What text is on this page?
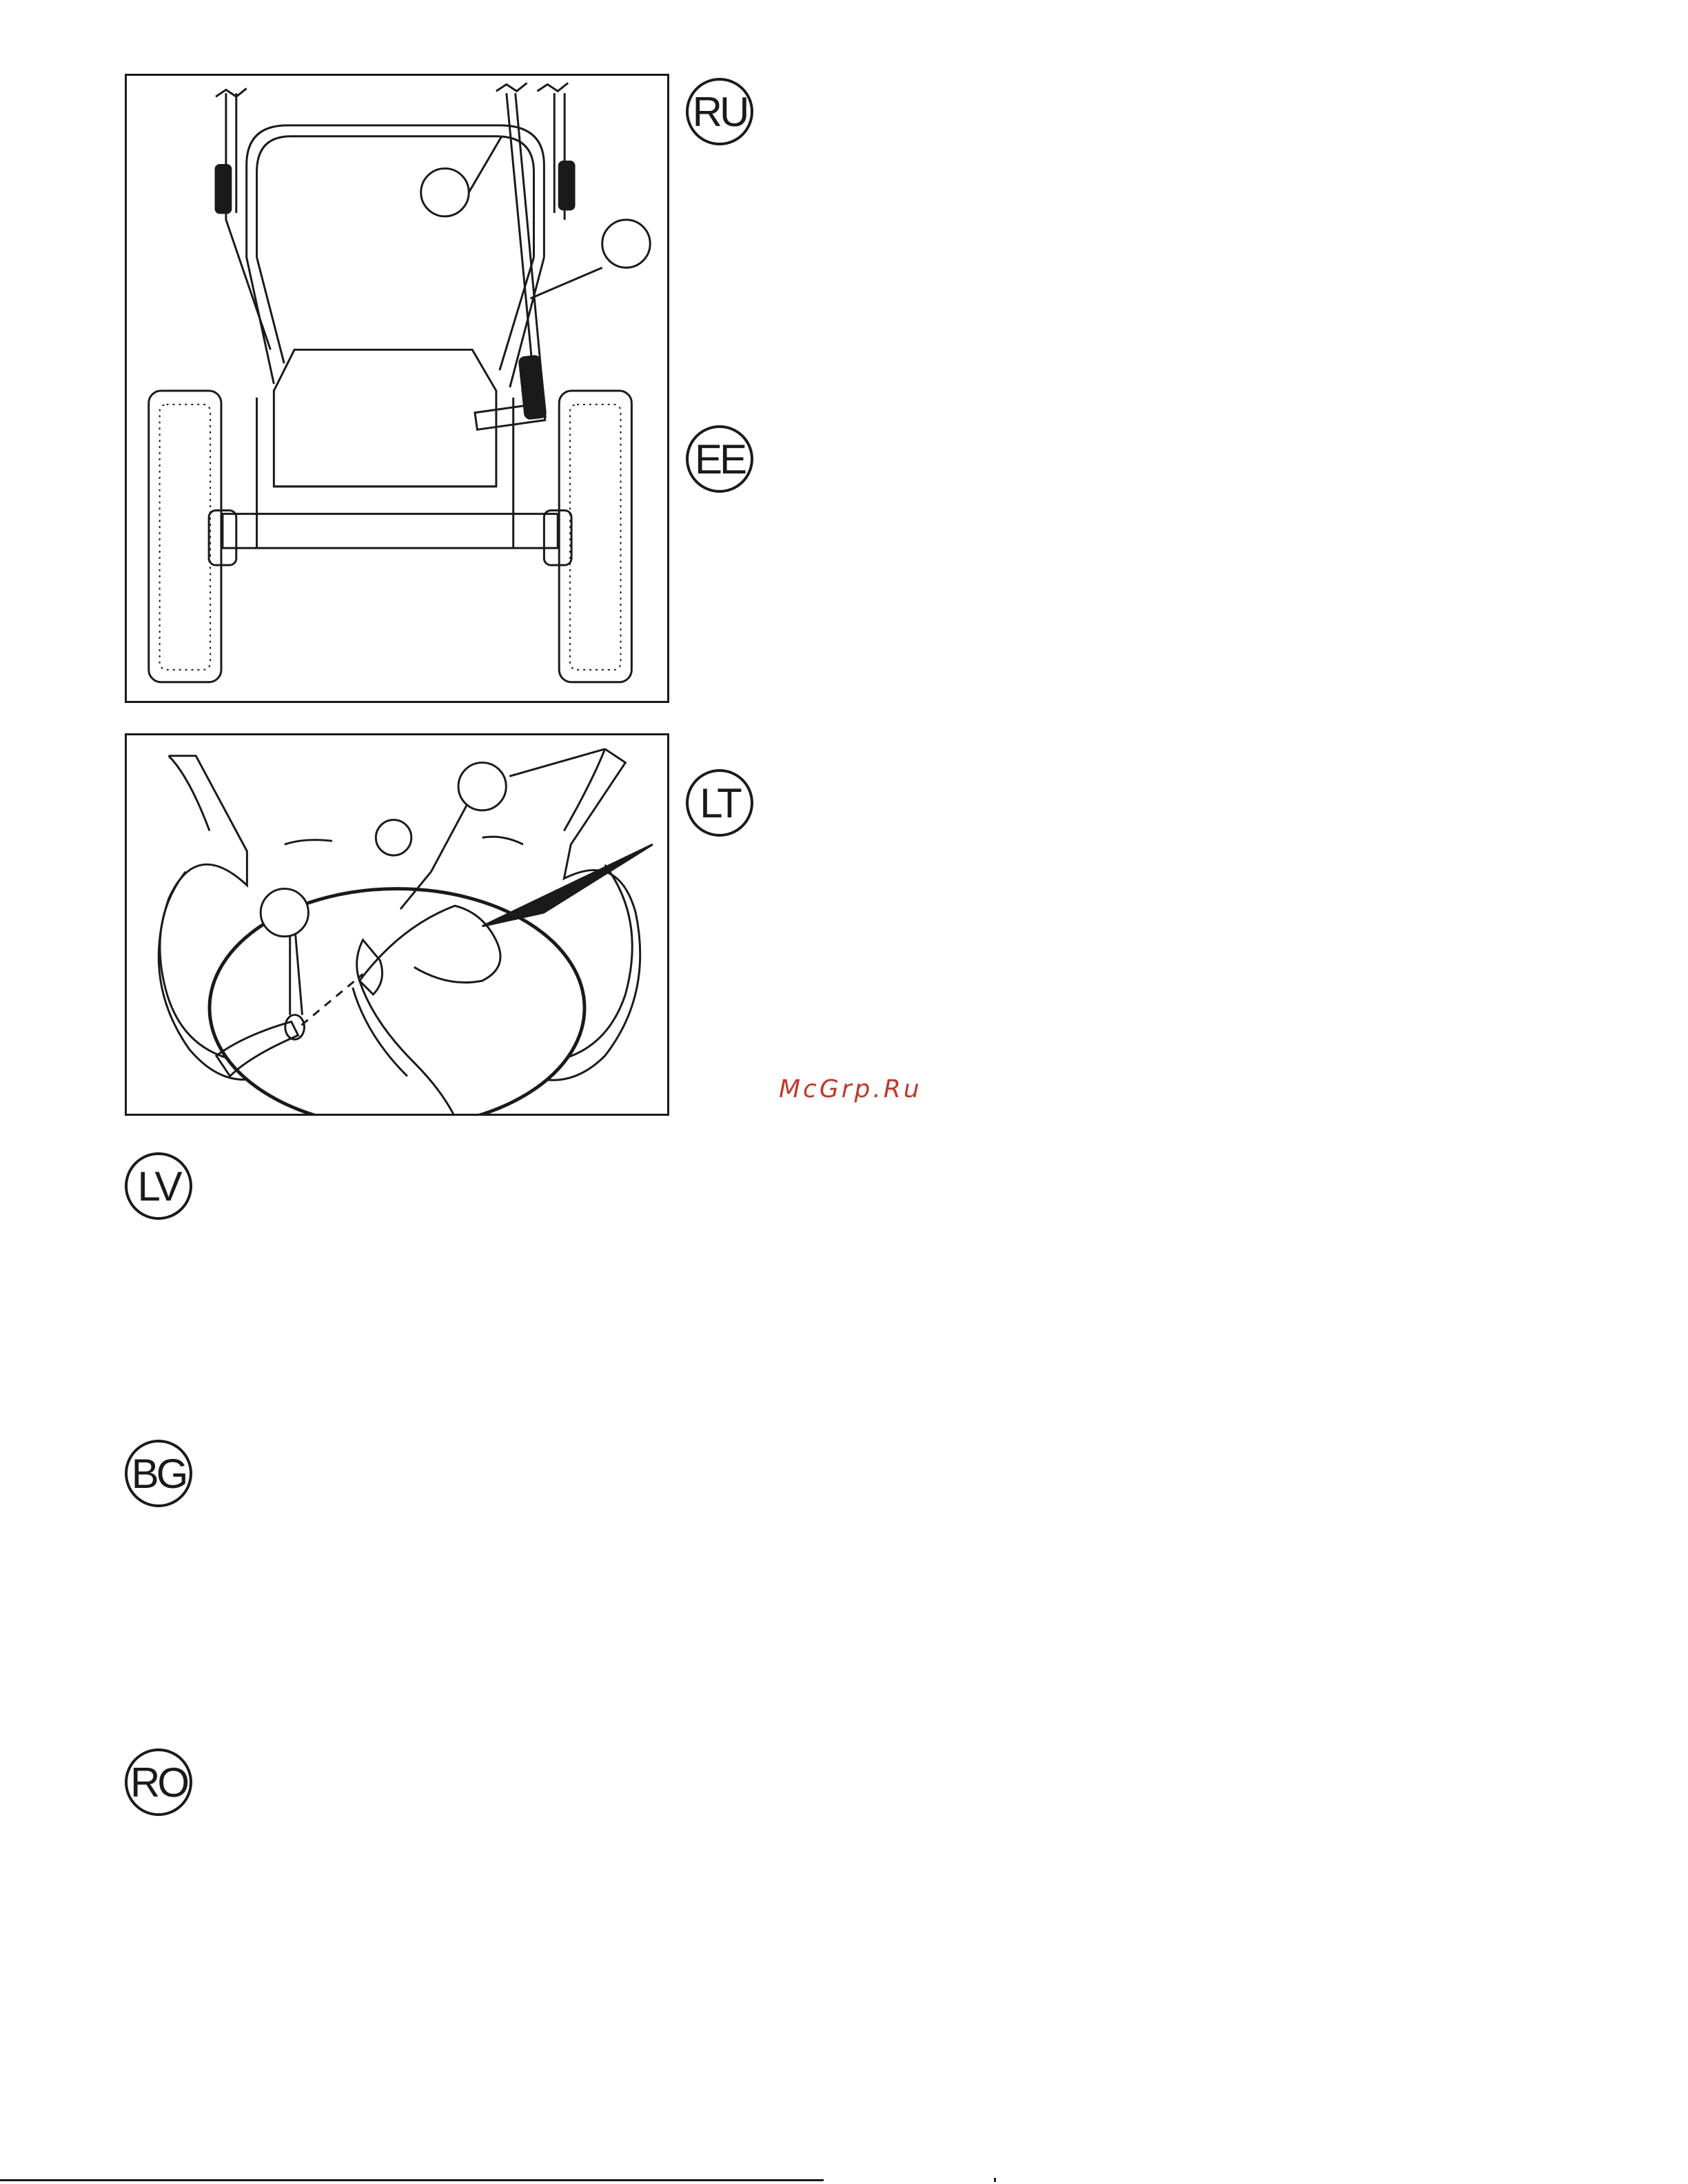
RU
EE
LT
LV
BG
RO
McGrp.Ru
